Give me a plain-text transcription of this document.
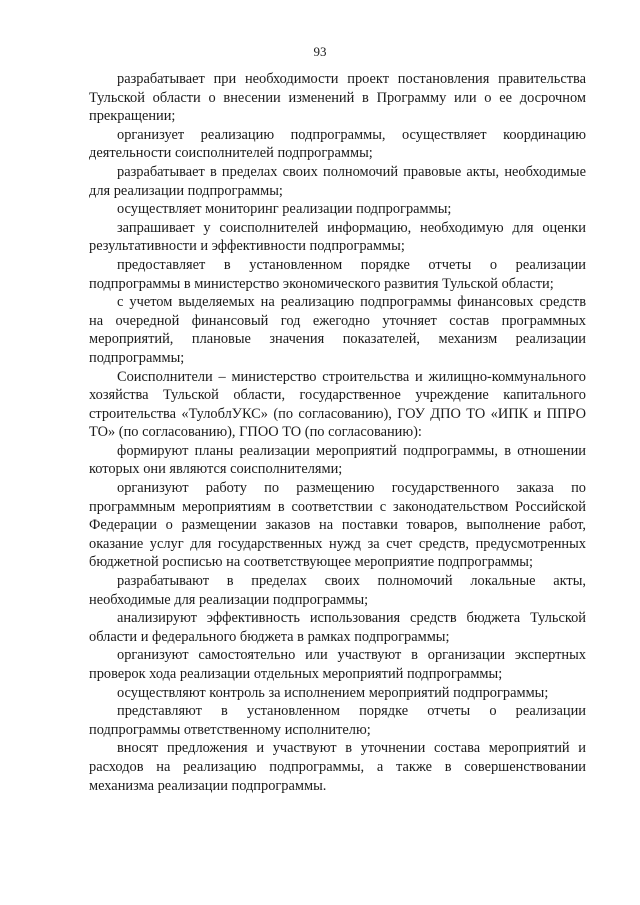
93

разрабатывает при необходимости проект постановления правительства Тульской области о внесении изменений в Программу или о ее досрочном прекращении;

организует реализацию подпрограммы, осуществляет координацию деятельности соисполнителей подпрограммы;

разрабатывает в пределах своих полномочий правовые акты, необходимые для реализации подпрограммы;

осуществляет мониторинг реализации подпрограммы;

запрашивает у соисполнителей информацию, необходимую для оценки результативности и эффективности подпрограммы;

предоставляет в установленном порядке отчеты о реализации подпрограммы в министерство экономического развития Тульской области;

с учетом выделяемых на реализацию подпрограммы финансовых средств на очередной финансовый год ежегодно уточняет состав программных мероприятий, плановые значения показателей, механизм реализации подпрограммы;

Соисполнители – министерство строительства и жилищно-коммунального хозяйства Тульской области, государственное учреждение капитального строительства «ТулоблУКС» (по согласованию), ГОУ ДПО ТО «ИПК и ППРО ТО» (по согласованию), ГПОО ТО (по согласованию):

формируют планы реализации мероприятий подпрограммы, в отношении которых они являются соисполнителями;

организуют работу по размещению государственного заказа по программным мероприятиям в соответствии с законодательством Российской Федерации о размещении заказов на поставки товаров, выполнение работ, оказание услуг для государственных нужд за счет средств, предусмотренных бюджетной росписью на соответствующее мероприятие подпрограммы;

разрабатывают в пределах своих полномочий локальные акты, необходимые для реализации подпрограммы;

анализируют эффективность использования средств бюджета Тульской области и федерального бюджета в рамках подпрограммы;

организуют самостоятельно или участвуют в организации экспертных проверок хода реализации отдельных мероприятий подпрограммы;

осуществляют контроль за исполнением мероприятий подпрограммы;

представляют в установленном порядке отчеты о реализации подпрограммы ответственному исполнителю;

вносят предложения и участвуют в уточнении состава мероприятий и расходов на реализацию подпрограммы, а также в совершенствовании механизма реализации подпрограммы.
